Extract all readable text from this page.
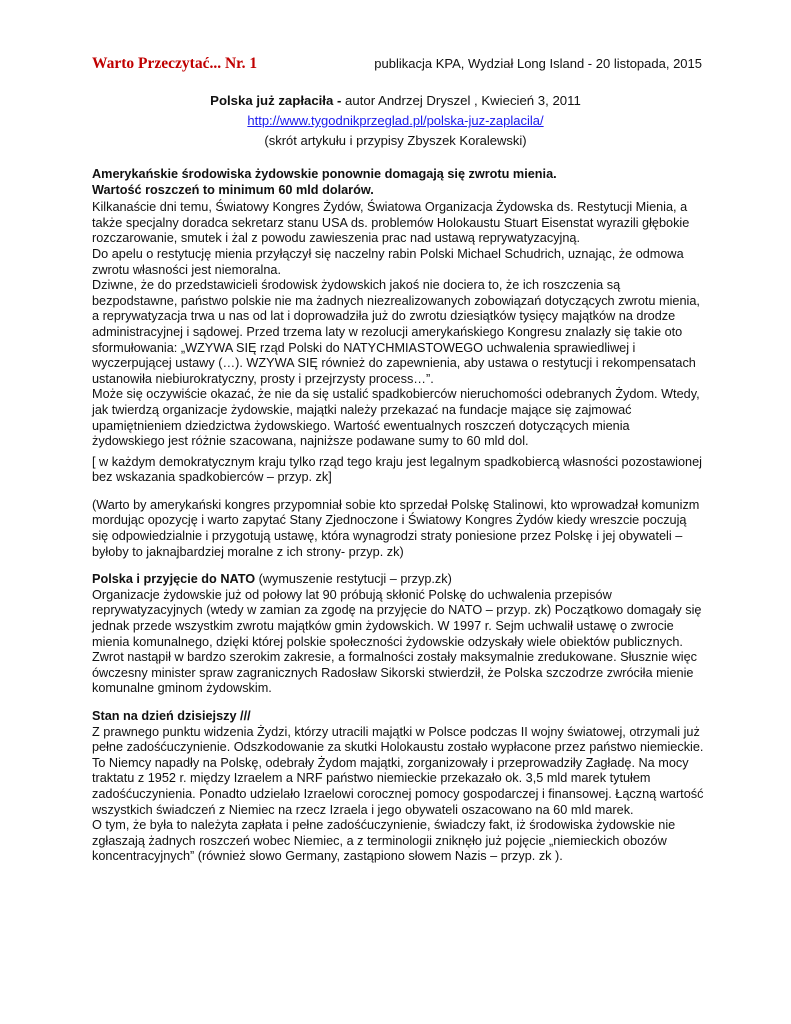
Warto Przeczytać... Nr. 1	publikacja KPA, Wydział Long Island - 20 listopada, 2015
Polska już zapłaciła - autor Andrzej Dryszel , Kwiecień 3, 2011
http://www.tygodnikprzeglad.pl/polska-juz-zaplacila/
(skrót artykułu i przypisy Zbyszek Koralewski)

Amerykańskie środowiska żydowskie ponownie domagają się zwrotu mienia.

Wartość roszczeń to minimum 60 mld dolarów.

Kilkanaście dni temu, Światowy Kongres Żydów, Światowa Organizacja Żydowska ds. Restytucji Mienia, a także specjalny doradca sekretarz stanu USA ds. problemów Holokaustu Stuart Eisenstat wyrazili głębokie rozczarowanie, smutek i żal z powodu zawieszenia prac nad ustawą reprywatyzacyjną.

Do apelu o restytucję mienia przyłączył się naczelny rabin Polski Michael Schudrich, uznając, że odmowa zwrotu własności jest niemoralna.

Dziwne, że do przedstawicieli środowisk żydowskich jakoś nie dociera to, że ich roszczenia są bezpodstawne, państwo polskie nie ma żadnych niezrealizowanych zobowiązań dotyczących zwrotu mienia, a reprywatyzacja trwa u nas od lat i doprowadziła już do zwrotu dziesiątków tysięcy majątków na drodze administracyjnej i sądowej. Przed trzema laty w rezolucji amerykańskiego Kongresu znalazły się takie oto sformułowania: „WZYWA SIĘ rząd Polski do NATYCHMIASTOWEGO uchwalenia sprawiedliwej i wyczerpującej ustawy (…). WZYWA SIĘ również do zapewnienia, aby ustawa o restytucji i rekompensatach ustanowiła niebiurokratyczny, prosty i przejrzysty process…”.

Może się oczywiście okazać, że nie da się ustalić spadkobierców nieruchomości odebranych Żydom. Wtedy, jak twierdzą organizacje żydowskie, majątki należy przekazać na fundacje mające się zajmować upamiętnieniem dziedzictwa żydowskiego. Wartość ewentualnych roszczeń dotyczących mienia żydowskiego jest różnie szacowana, najniższe podawane sumy to 60 mld dol.

[ w każdym demokratycznym kraju tylko rząd tego kraju jest legalnym spadkobiercą własności pozostawionej bez wskazania spadkobierców – przyp. zk]

(Warto by amerykański kongres przypomniał sobie kto sprzedał Polskę Stalinowi, kto wprowadzał komunizm mordując opozycję i warto zapytać Stany Zjednoczone i Światowy Kongres Żydów kiedy wreszcie poczują się odpowiedzialnie i przygotują ustawę, która wynagrodzi straty poniesione przez Polskę i jej obywateli – byłoby to jaknajbardziej moralne z ich strony- przyp. zk)

Polska i przyjęcie do NATO (wymuszenie restytucji – przyp.zk)

Organizacje żydowskie już od połowy lat 90 próbują skłonić Polskę do uchwalenia przepisów reprywatyzacyjnych (wtedy w zamian za zgodę na przyjęcie do NATO – przyp. zk) Początkowo domagały się jednak przede wszystkim zwrotu majątków gmin żydowskich. W 1997 r. Sejm uchwalił ustawę o zwrocie mienia komunalnego, dzięki której polskie społeczności żydowskie odzyskały wiele obiektów publicznych. Zwrot nastąpił w bardzo szerokim zakresie, a formalności zostały maksymalnie zredukowane. Słusznie więc ówczesny minister spraw zagranicznych Radosław Sikorski stwierdził, że Polska szczodrze zwróciła mienie komunalne gminom żydowskim.

Stan na dzień dzisiejszy ///

Z prawnego punktu widzenia Żydzi, którzy utracili majątki w Polsce podczas II wojny światowej, otrzymali już pełne zadośćuczynienie. Odszkodowanie za skutki Holokaustu zostało wypłacone przez państwo niemieckie. To Niemcy napadły na Polskę, odebrały Żydom majątki, zorganizowały i przeprowadziły Zagładę. Na mocy traktatu z 1952 r. między Izraelem a NRF państwo niemieckie przekazało ok. 3,5 mld marek tytułem zadośćuczynienia. Ponadto udzielało Izraelowi corocznej pomocy gospodarczej i finansowej. Łączną wartość wszystkich świadczeń z Niemiec na rzecz Izraela i jego obywateli oszacowano na 60 mld marek.

O tym, że była to należyta zapłata i pełne zadośćuczynienie, świadczy fakt, iż środowiska żydowskie nie zgłaszają żadnych roszczeń wobec Niemiec, a z terminologii zniknęło już pojęcie „niemieckich obozów koncentracyjnych” (również słowo Germany, zastąpiono słowem Nazis – przyp. zk ).
